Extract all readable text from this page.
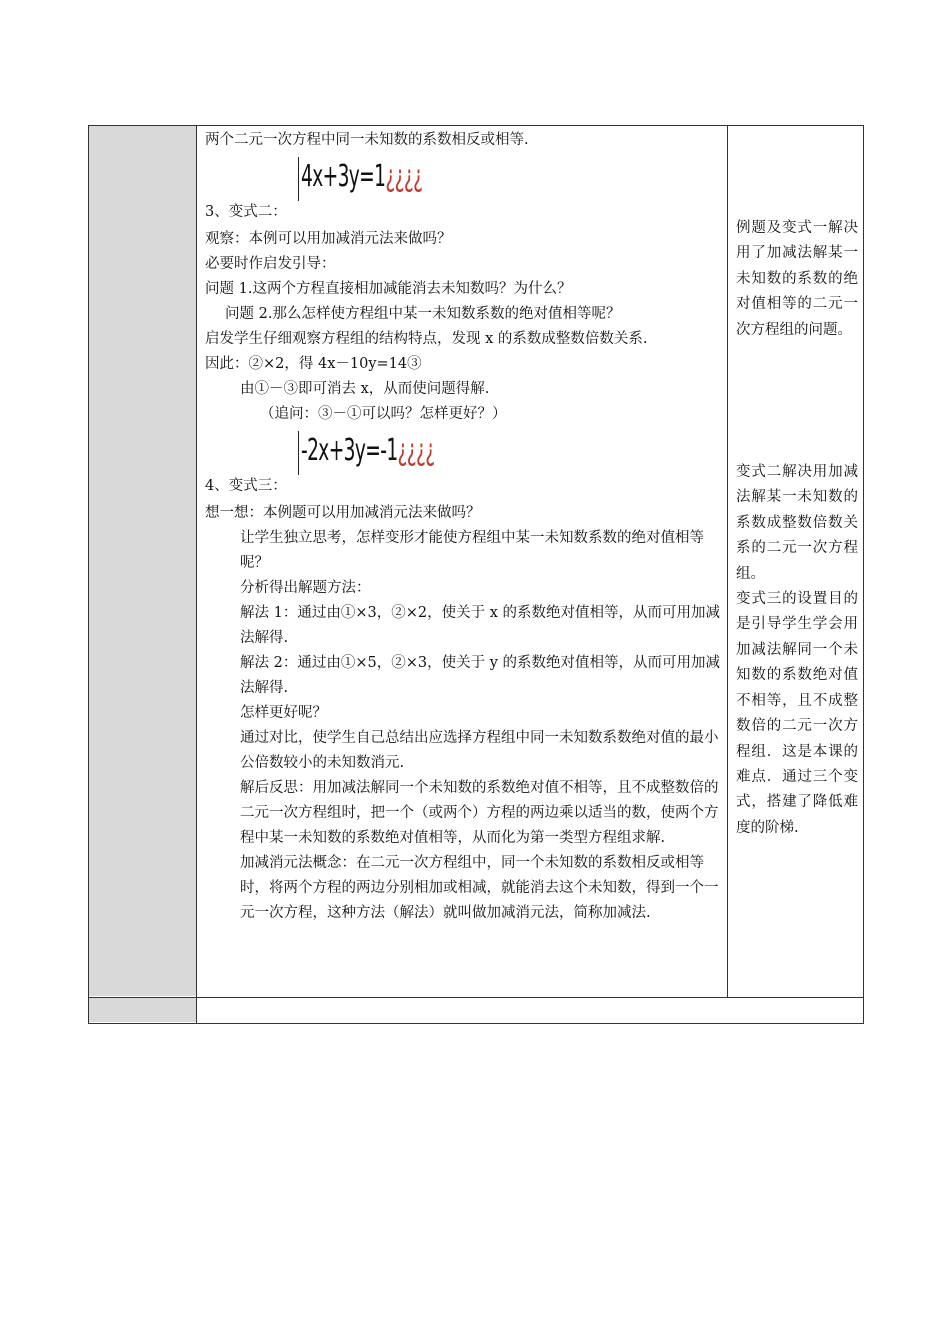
两个二元一次方程中同一未知数的系数相反或相等.

3、变式二：
4x+3y=1¿¿¿¿

观察：本例可以用加减消元法来做吗？

必要时作启发引导：

问题 1.这两个方程直接相加减能消去未知数吗？为什么？

问题 2.那么怎样使方程组中某一未知数系数的绝对值相等呢？

启发学生仔细观察方程组的结构特点，发现 x 的系数成整数倍数关系.

因此：②×2，得 4x－10y=14③

由①－③即可消去 x，从而使问题得解.

（追问：③－①可以吗？怎样更好？）

4、变式三：
-2x+3y=-1¿¿¿¿

想一想：本例题可以用加减消元法来做吗？

让学生独立思考，怎样变形才能使方程组中某一未知数系数的绝对值相等呢？

分析得出解题方法：

解法 1：通过由①×3，②×2，使关于 x 的系数绝对值相等，从而可用加减法解得.

解法 2：通过由①×5，②×3，使关于 y 的系数绝对值相等，从而可用加减法解得.

怎样更好呢？

通过对比，使学生自己总结出应选择方程组中同一未知数系数绝对值的最小公倍数较小的未知数消元.

解后反思：用加减法解同一个未知数的系数绝对值不相等，且不成整数倍的二元一次方程组时，把一个（或两个）方程的两边乘以适当的数，使两个方程中某一未知数的系数绝对值相等，从而化为第一类型方程组求解.

加减消元法概念：在二元一次方程组中，同一个未知数的系数相反或相等时，将两个方程的两边分别相加或相减，就能消去这个未知数，得到一个一元一次方程，这种方法（解法）就叫做加减消元法，简称加减法.

例题及变式一解决用了加减法解某一未知数的系数的绝对值相等的二元一次方程组的问题。

变式二解决用加减法解某一未知数的系数成整数倍数关系的二元一次方程组。

变式三的设置目的是引导学生学会用加减法解同一个未知数的系数绝对值不相等，且不成整数倍的二元一次方程组．这是本课的难点．通过三个变式，搭建了降低难度的阶梯.
